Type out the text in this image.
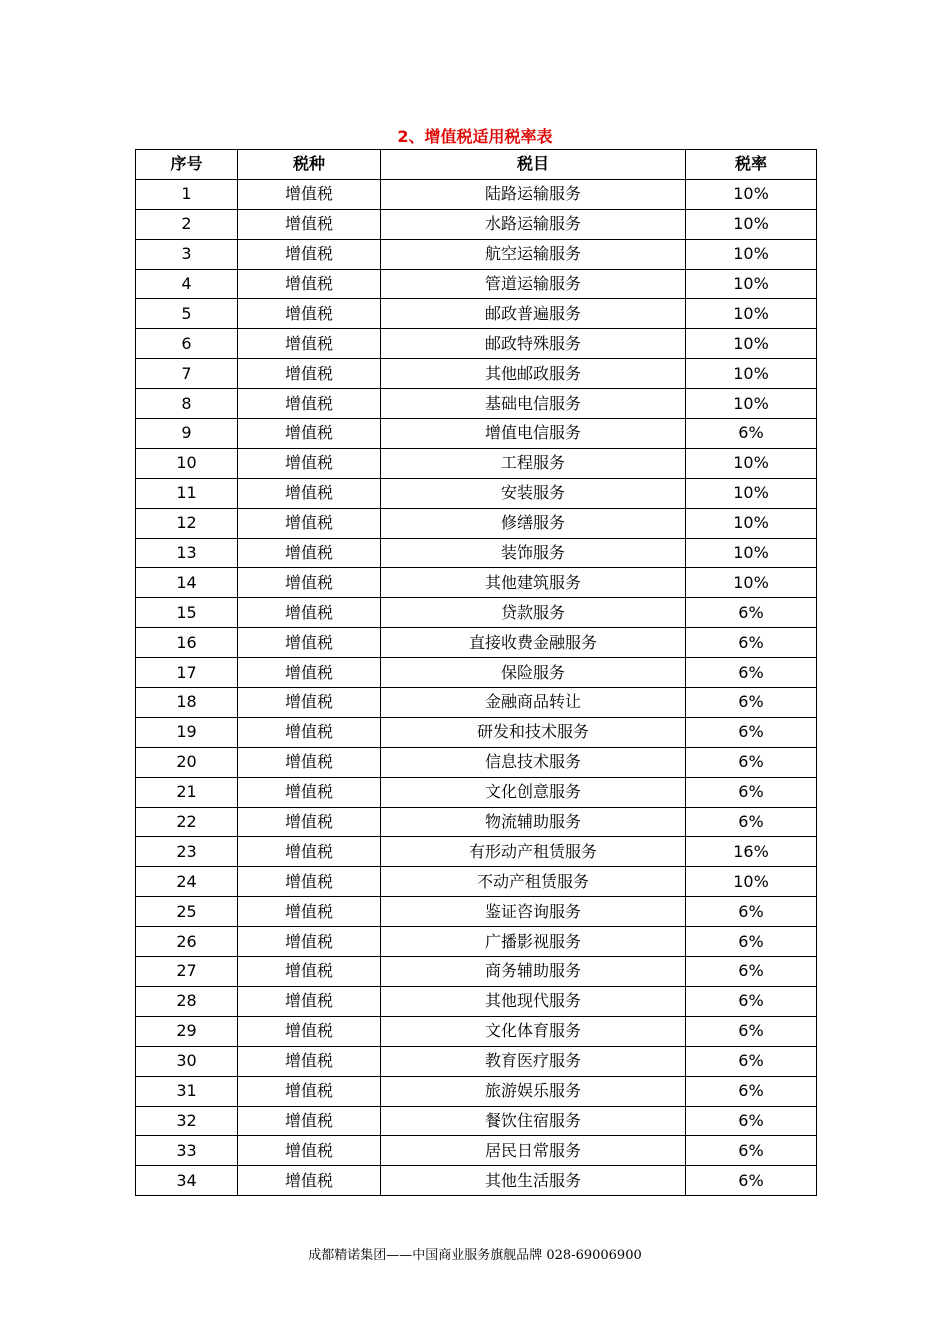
2、增值税适用税率表
序号	税种	税目	税率
1	增值税	陆路运输服务	10%
2	增值税	水路运输服务	10%
3	增值税	航空运输服务	10%
4	增值税	管道运输服务	10%
5	增值税	邮政普遍服务	10%
6	增值税	邮政特殊服务	10%
7	增值税	其他邮政服务	10%
8	增值税	基础电信服务	10%
9	增值税	增值电信服务	6%
10	增值税	工程服务	10%
11	增值税	安装服务	10%
12	增值税	修缮服务	10%
13	增值税	装饰服务	10%
14	增值税	其他建筑服务	10%
15	增值税	贷款服务	6%
16	增值税	直接收费金融服务	6%
17	增值税	保险服务	6%
18	增值税	金融商品转让	6%
19	增值税	研发和技术服务	6%
20	增值税	信息技术服务	6%
21	增值税	文化创意服务	6%
22	增值税	物流辅助服务	6%
23	增值税	有形动产租赁服务	16%
24	增值税	不动产租赁服务	10%
25	增值税	鉴证咨询服务	6%
26	增值税	广播影视服务	6%
27	增值税	商务辅助服务	6%
28	增值税	其他现代服务	6%
29	增值税	文化体育服务	6%
30	增值税	教育医疗服务	6%
31	增值税	旅游娱乐服务	6%
32	增值税	餐饮住宿服务	6%
33	增值税	居民日常服务	6%
34	增值税	其他生活服务	6%
成都精诺集团——中国商业服务旗舰品牌 028-69006900
